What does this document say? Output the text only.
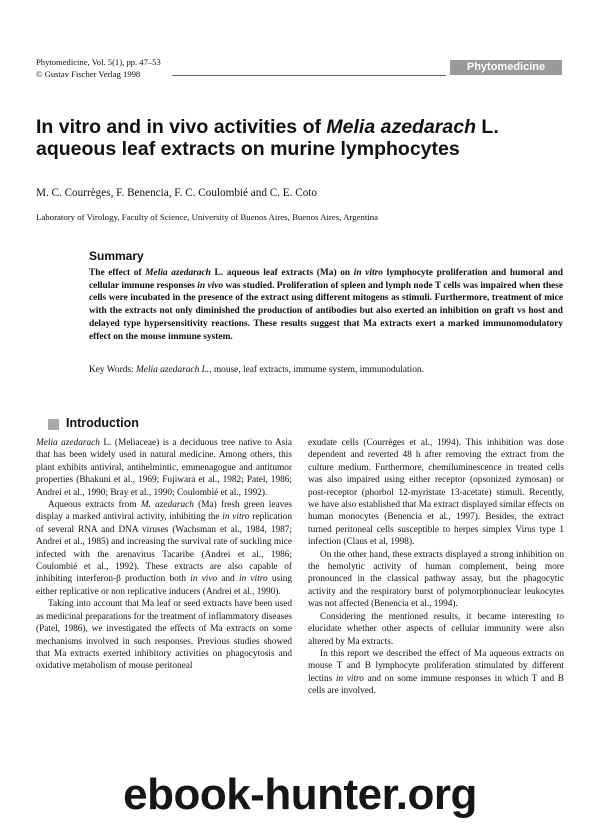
Phytomedicine, Vol. 5(1), pp. 47–53
© Gustav Fischer Verlag 1998
Phytomedicine
In vitro and in vivo activities of Melia azedarach L. aqueous leaf extracts on murine lymphocytes
M. C. Courrèges, F. Benencia, F. C. Coulombié and C. E. Coto
Laboratory of Virology, Faculty of Science, University of Buenos Aires, Buenos Aires, Argentina
Summary

The effect of Melia azedarach L. aqueous leaf extracts (Ma) on in vitro lymphocyte proliferation and humoral and cellular immune responses in vivo was studied. Proliferation of spleen and lymph node T cells was impaired when these cells were incubated in the presence of the extract using different mitogens as stimuli. Furthermore, treatment of mice with the extracts not only diminished the production of antibodies but also exerted an inhibition on graft vs host and delayed type hypersensitivity reactions. These results suggest that Ma extracts exert a marked immunomodulatory effect on the mouse immune system.

Key Words: Melia azedarach L., mouse, leaf extracts, immume system, immunodulation.

Introduction

Melia azedarach L. (Meliaceae) is a deciduous tree native to Asia that has been widely used in natural medicine. Among others, this plant exhibits antiviral, antihelmintic, emmenagogue and antitumor properties (Bhakuni et al., 1969; Fujiwara et al., 1982; Patel, 1986; Andrei et al., 1990; Bray et al., 1990; Coulombié et al., 1992).

Aqueous extracts from M. azedarach (Ma) fresh green leaves display a marked antiviral activity, inhibiting the in vitro replication of several RNA and DNA viruses (Wachsman et al., 1984, 1987; Andrei et al., 1985) and increasing the survival rate of suckling mice infected with the arenavirus Tacaribe (Andrei et al., 1986; Coulombié et al., 1992). These extracts are also capable of inhibiting interferon-β production both in vivo and in vitro using either replicative or non replicative inducers (Andrei et al., 1990).

Taking into account that Ma leaf or seed extracts have been used as medicinal preparations for the treatment of inflammatory diseases (Patel, 1986), we investigated the effects of Ma extracts on some mechanisms involved in such responses. Previous studies showed that Ma extracts exerted inhibitory activities on phagocytosis and oxidative metabolism of mouse peritoneal

exudate cells (Courrèges et al., 1994). This inhibition was dose dependent and reverted 48 h after removing the extract from the culture medium. Furthermore, chemiluminescence in treated cells was also impaired using either receptor (opsonized zymosan) or post-receptor (phorbol 12-myristate 13-acetate) stimuli. Recently, we have also established that Ma extract displayed similar effects on human monocytes (Benencia et al., 1997). Besides, the extract turned peritoneal cells susceptible to herpes simplex Virus type 1 infection (Claus et al, 1998).

On the other hand, these extracts displayed a strong inhibition on the hemolytic activity of human complement, being more pronounced in the classical pathway assay, but the phagocytic activity and the respiratory burst of polymorphonuclear leukocytes was not affected (Benencia et al., 1994).

Considering the mentioned results, it became interesting to elucidate whether other aspects of cellular immunity were also altered by Ma extracts.

In this report we described the effect of Ma aqueous extracts on mouse T and B lymphocyte proliferation stimulated by different lectins in vitro and on some immune responses in which T and B cells are involved.

ebook-hunter.org
